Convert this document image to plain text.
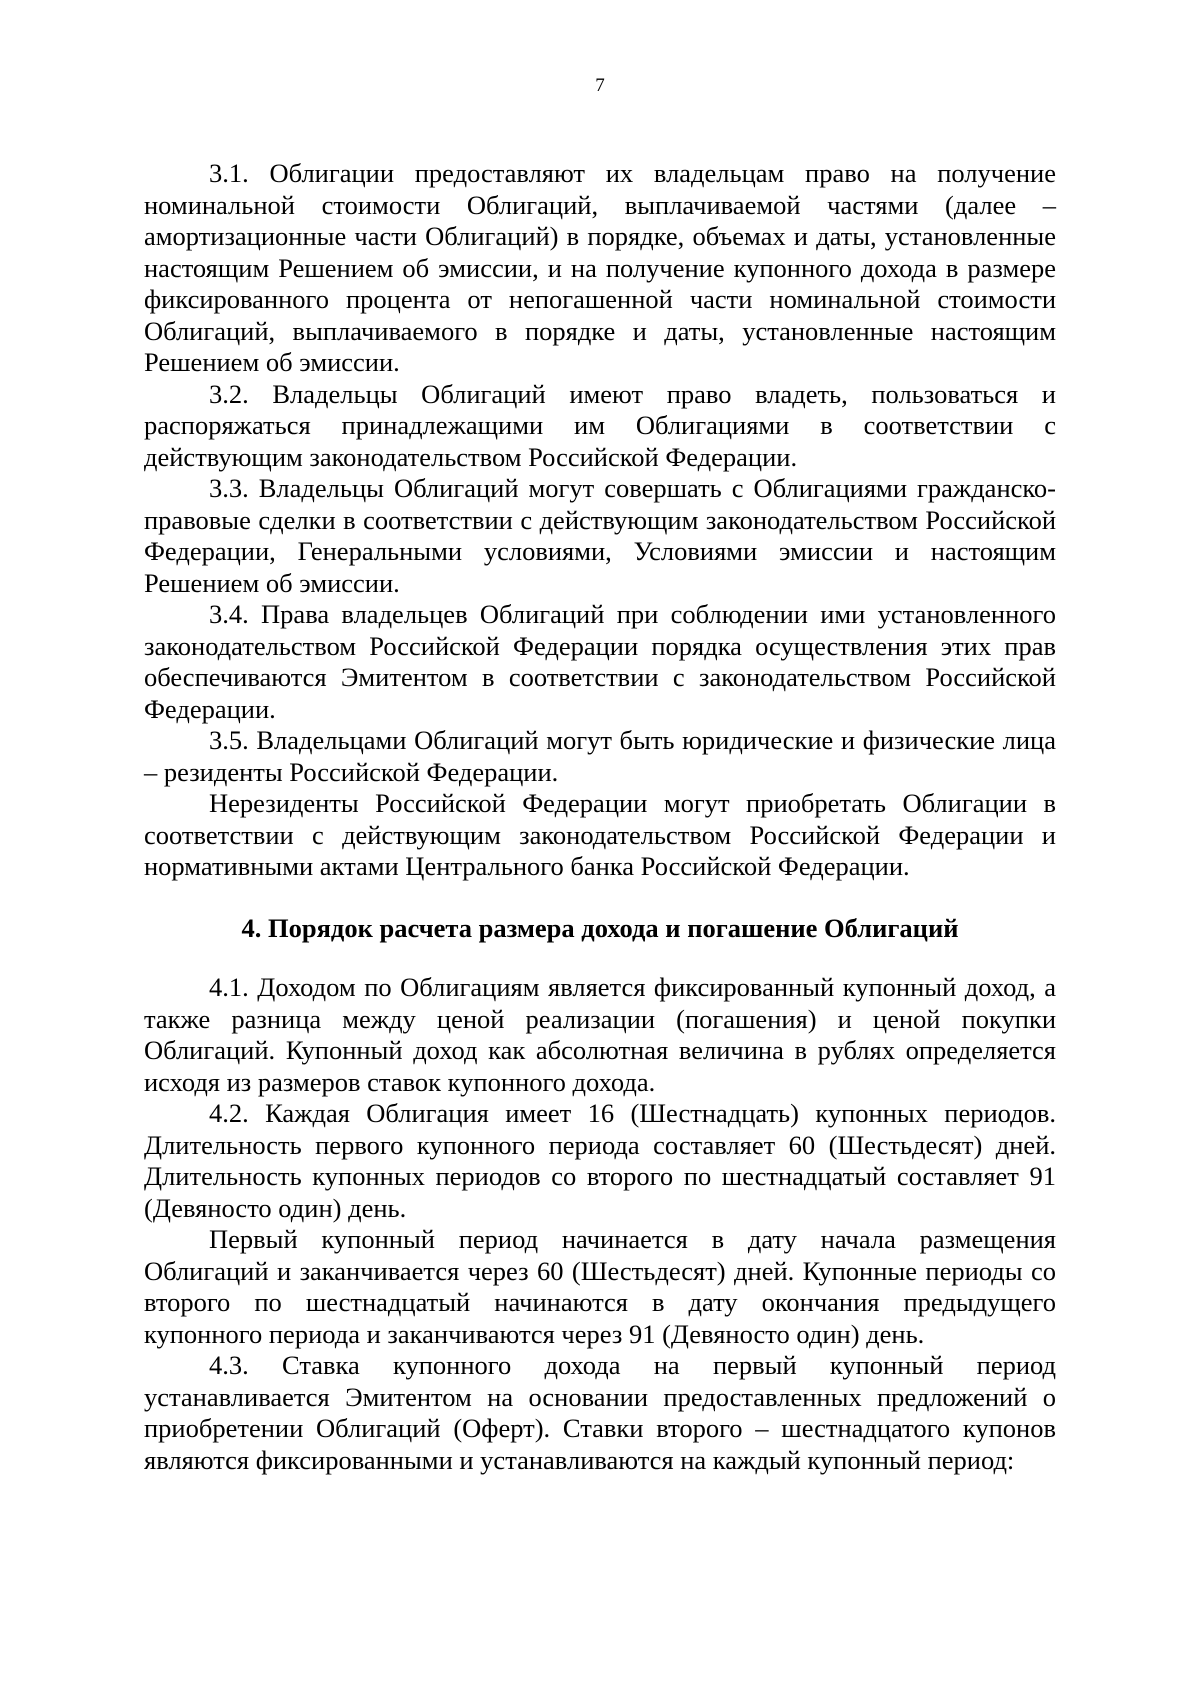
7

3.1. Облигации предоставляют их владельцам право на получение номинальной стоимости Облигаций, выплачиваемой частями (далее – амортизационные части Облигаций) в порядке, объемах и даты, установленные настоящим Решением об эмиссии, и на получение купонного дохода в размере фиксированного процента от непогашенной части номинальной стоимости Облигаций, выплачиваемого в порядке и даты, установленные настоящим Решением об эмиссии.

3.2. Владельцы Облигаций имеют право владеть, пользоваться и распоряжаться принадлежащими им Облигациями в соответствии с действующим законодательством Российской Федерации.

3.3. Владельцы Облигаций могут совершать с Облигациями гражданско-правовые сделки в соответствии с действующим законодательством Российской Федерации, Генеральными условиями, Условиями эмиссии и настоящим Решением об эмиссии.

3.4. Права владельцев Облигаций при соблюдении ими установленного законодательством Российской Федерации порядка осуществления этих прав обеспечиваются Эмитентом в соответствии с законодательством Российской Федерации.

3.5. Владельцами Облигаций могут быть юридические и физические лица – резиденты Российской Федерации.

Нерезиденты Российской Федерации могут приобретать Облигации в соответствии с действующим законодательством Российской Федерации и нормативными актами Центрального банка Российской Федерации.

4. Порядок расчета размера дохода и погашение Облигаций

4.1. Доходом по Облигациям является фиксированный купонный доход, а также разница между ценой реализации (погашения) и ценой покупки Облигаций. Купонный доход как абсолютная величина в рублях определяется исходя из размеров ставок купонного дохода.

4.2. Каждая Облигация имеет 16 (Шестнадцать) купонных периодов. Длительность первого купонного периода составляет 60 (Шестьдесят) дней. Длительность купонных периодов со второго по шестнадцатый составляет 91 (Девяносто один) день.

Первый купонный период начинается в дату начала размещения Облигаций и заканчивается через 60 (Шестьдесят) дней. Купонные периоды со второго по шестнадцатый начинаются в дату окончания предыдущего купонного периода и заканчиваются через 91 (Девяносто один) день.

4.3. Ставка купонного дохода на первый купонный период устанавливается Эмитентом на основании предоставленных предложений о приобретении Облигаций (Оферт). Ставки второго – шестнадцатого купонов являются фиксированными и устанавливаются на каждый купонный период:
